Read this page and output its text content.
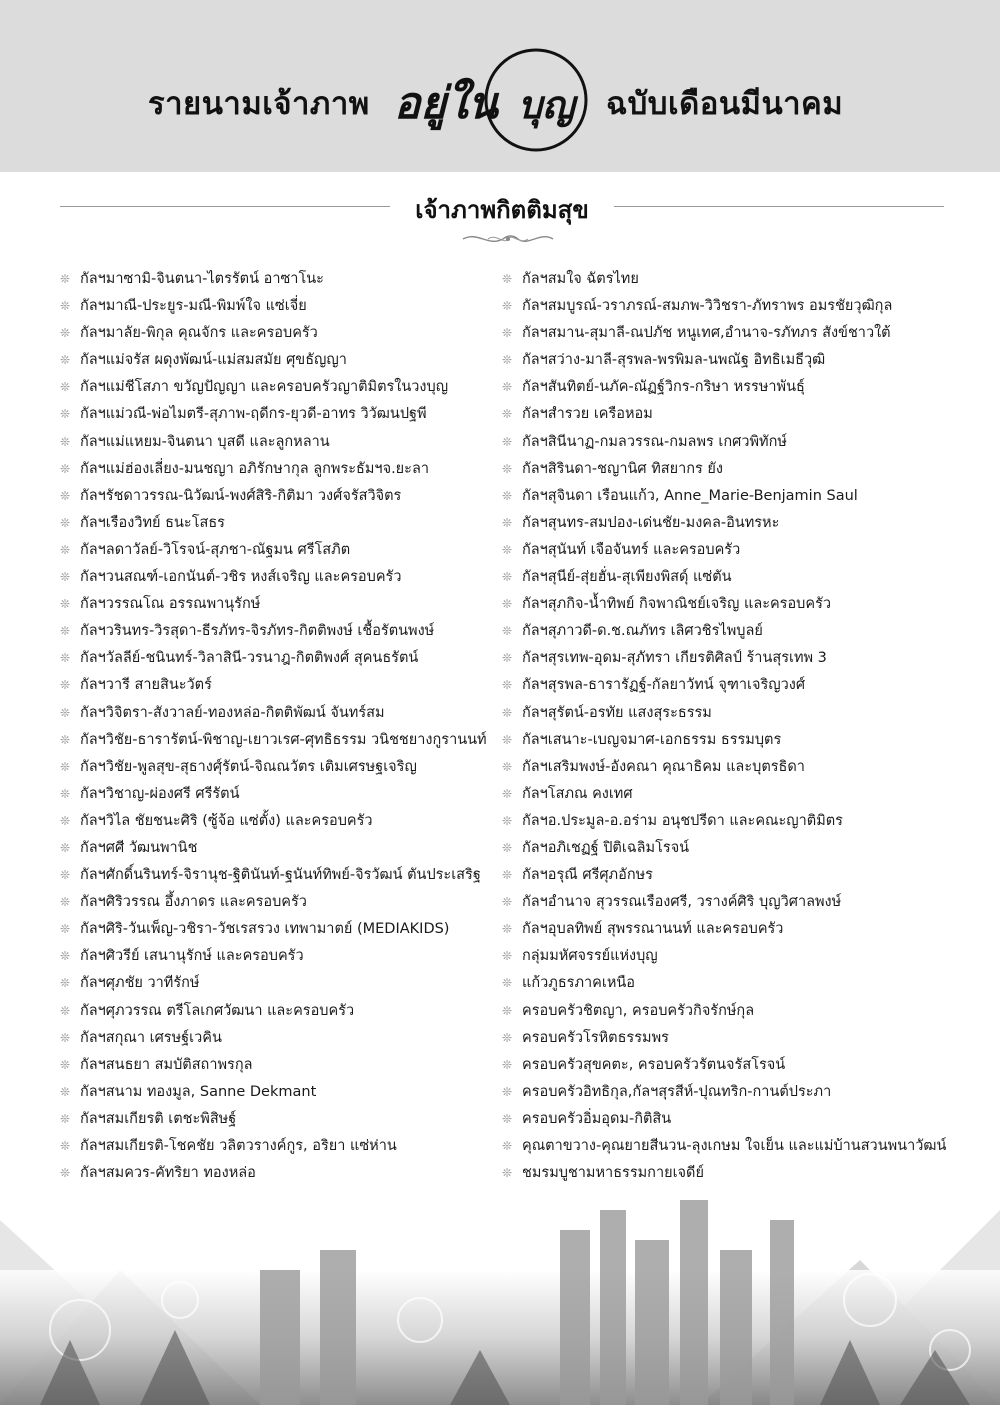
รายนามเจ้าภาพ อยู่ใน บุญ ฉบับเดือนมีนาคม
เจ้าภาพกิตติมสุข
❊ กัลฯมาซามิ-จินตนา-ไตรรัตน์ อาซาโนะ
❊ กัลฯมาณี-ประยูร-มณี-พิมพ์ใจ แซ่เจี่ย
❊ กัลฯมาลัย-พิกุล คุณจักร และครอบครัว
❊ กัลฯแม่จรัส ผดุงพัฒน์-แม่สมสมัย ศุขธัญญา
❊ กัลฯแม่ชีโสภา ขวัญปัญญา และครอบครัวญาติมิตรในวงบุญ
❊ กัลฯแม่วณี-พ่อไมตรี-สุภาพ-ฤดีกร-ยุวดี-อาทร วิวัฒนปฐพี
❊ กัลฯแม่แหยม-จินตนา บุสดี และลูกหลาน
❊ กัลฯแม่ฮ่องเลี่ยง-มนชญา อภิรักษากุล ลูกพระธัมฯจ.ยะลา
❊ กัลฯรัชดาวรรณ-นิวัฒน์-พงศ์สิริ-กิติมา วงศ์จรัสวิจิตร
❊ กัลฯเรืองวิทย์ ธนะโสธร
❊ กัลฯลดาวัลย์-วิโรจน์-สุภชา-ณัฐมน ศรีโสภิต
❊ กัลฯวนสณฑ์-เอกนันต์-วชิร หงส์เจริญ และครอบครัว
❊ กัลฯวรรณโณ อรรณพานุรักษ์
❊ กัลฯวรินทร-วิรสุดา-ธีรภัทร-จิรภัทร-กิตติพงษ์ เชื้อรัตนพงษ์
❊ กัลฯวัลลีย์-ชนินทร์-วิลาสินี-วรนาฎ-กิตติพงศ์ สุคนธรัตน์
❊ กัลฯวารี สายสินะวัตร์
❊ กัลฯวิจิตรา-สังวาลย์-ทองหล่อ-กิตติพัฒน์ จันทร์สม
❊ กัลฯวิชัย-ธารารัตน์-พิชาญ-เยาวเรศ-ศุทธิธรรม วนิชชยางกูรานนท์
❊ กัลฯวิชัย-พูลสุข-สุธางศุ์รัตน์-จิณณวัตร เติมเศรษฐเจริญ
❊ กัลฯวิชาญ-ผ่องศรี ศรีรัตน์
❊ กัลฯวิไล ชัยชนะศิริ (ซู้จ้อ แซ่ตั้ง) และครอบครัว
❊ กัลฯศศี วัฒนพานิช
❊ กัลฯศักดิ์นรินทร์-จิรานุช-ฐิตินันท์-ฐนันท์ทิพย์-จิรวัฒน์ ตันประเสริฐ
❊ กัลฯศิริวรรณ อึ้งภาดร และครอบครัว
❊ กัลฯศิริ-วันเพ็ญ-วชิรา-วัชเรสรวง เทพามาตย์ (MEDIAKIDS)
❊ กัลฯศิวรีย์ เสนานุรักษ์ และครอบครัว
❊ กัลฯศุภชัย วาทีรักษ์
❊ กัลฯศุภวรรณ ตรีโลเกศวัฒนา และครอบครัว
❊ กัลฯสกุณา เศรษฐ์เวคิน
❊ กัลฯสนธยา สมบัติสถาพรกุล
❊ กัลฯสนาม ทองมูล, Sanne Dekmant
❊ กัลฯสมเกียรติ เตชะพิสิษฐ์
❊ กัลฯสมเกียรติ-โชคชัย วลิตวรางค์กูร, อริยา แซ่ห่าน
❊ กัลฯสมควร-คัทริยา ทองหล่อ
❊ กัลฯสมใจ ฉัตรไทย
❊ กัลฯสมบูรณ์-วราภรณ์-สมภพ-วิวิชรา-ภัทราพร อมรชัยวุฒิกุล
❊ กัลฯสมาน-สุมาลี-ณปภัช หนูเทศ,อำนาจ-รภัทภร สังข์ชาวใต้
❊ กัลฯสว่าง-มาลี-สุรพล-พรพิมล-นพณัฐ อิทธิเมธีวุฒิ
❊ กัลฯสันทิตย์-นภัค-ณัฏฐ์วิกร-กริษา หรรษาพันธุ์
❊ กัลฯสำรวย เครือหอม
❊ กัลฯสินีนาฏ-กมลวรรณ-กมลพร เกศวพิทักษ์
❊ กัลฯสิรินดา-ชญานิศ ทิสยากร ยัง
❊ กัลฯสุจินดา เรือนแก้ว, Anne_Marie-Benjamin Saul
❊ กัลฯสุนทร-สมปอง-เด่นชัย-มงคล-อินทรหะ
❊ กัลฯสุนันท์ เจือจันทร์ และครอบครัว
❊ กัลฯสุนีย์-สุ่ยฮั่น-สุเพียงพิสดุ์ แซ่ตัน
❊ กัลฯสุภกิจ-น้ำทิพย์ กิจพาณิชย์เจริญ และครอบครัว
❊ กัลฯสุภาวดี-ด.ช.ณภัทร เลิศวชิรไพบูลย์
❊ กัลฯสุรเทพ-อุดม-สุภัทรา เกียรติศิลป์ ร้านสุรเทพ 3
❊ กัลฯสุรพล-ธารารัฏฐ์-กัลยาวัทน์ จุฑาเจริญวงศ์
❊ กัลฯสุรัตน์-อรทัย แสงสุระธรรม
❊ กัลฯเสนาะ-เบญจมาศ-เอกธรรม ธรรมบุตร
❊ กัลฯเสริมพงษ์-อังคณา คุณาธิคม และบุตรธิดา
❊ กัลฯโสภณ คงเทศ
❊ กัลฯอ.ประมูล-อ.อร่าม อนุชปรีดา และคณะญาติมิตร
❊ กัลฯอภิเชฏฐ์ ปิติเฉลิมโรจน์
❊ กัลฯอรุณี ศรีศุภอักษร
❊ กัลฯอำนาจ สุวรรณเรืองศรี, วรางค์ศิริ บุญวิศาลพงษ์
❊ กัลฯอุบลทิพย์ สุพรรณานนท์ และครอบครัว
❊ กลุ่มมหัศจรรย์แห่งบุญ
❊ แก้วภูธรภาคเหนือ
❊ ครอบครัวชิตญา, ครอบครัวกิจรักษ์กุล
❊ ครอบครัวโรหิตธรรมพร
❊ ครอบครัวสุขคตะ, ครอบครัวรัตนจรัสโรจน์
❊ ครอบครัวอิทธิกุล,กัลฯสุรสีห์-ปุณทริก-กานต์ประภา
❊ ครอบครัวอิ่มอุดม-กิติสิน
❊ คุณตาขวาง-คุณยายสีนวน-ลุงเกษม ใจเย็น และแม่บ้านสวนพนาวัฒน์
❊ ชมรมบูชามหาธรรมกายเจดีย์
